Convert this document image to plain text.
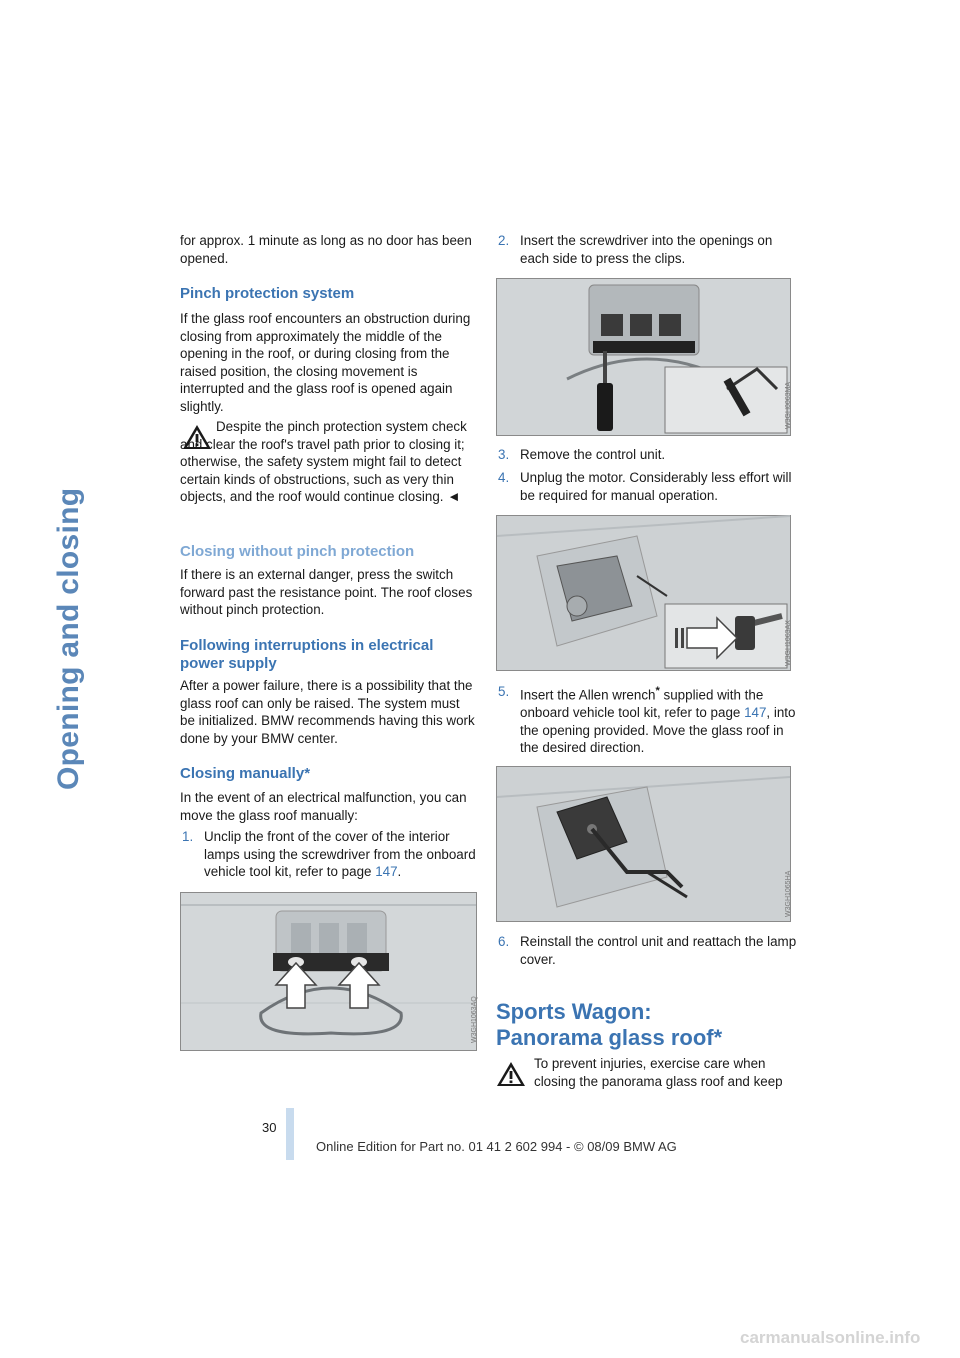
Opening and closing

for approx. 1 minute as long as no door has been opened.

Pinch protection system

If the glass roof encounters an obstruction during closing from approximately the middle of the opening in the roof, or during closing from the raised position, the closing movement is interrupted and the glass roof is opened again slightly.

Despite the pinch protection system check and clear the roof's travel path prior to closing it; otherwise, the safety system might fail to detect certain kinds of obstructions, such as very thin objects, and the roof would continue closing. ◄

Closing without pinch protection

If there is an external danger, press the switch forward past the resistance point. The roof closes without pinch protection.

Following interruptions in electrical power supply

After a power failure, there is a possibility that the glass roof can only be raised. The system must be initialized. BMW recommends having this work done by your BMW center.

Closing manually*

In the event of an electrical malfunction, you can move the glass roof manually:

1. Unclip the front of the cover of the interior lamps using the screwdriver from the onboard vehicle tool kit, refer to page 147.
W3GH1063AQ
2. Insert the screwdriver into the openings on each side to press the clips.
W3GH0063MA
3. Remove the control unit.
4. Unplug the motor. Considerably less effort will be required for manual operation.
W3GH1063AX
5. Insert the Allen wrench* supplied with the onboard vehicle tool kit, refer to page 147, into the opening provided. Move the glass roof in the desired direction.
W3GH1065HA
6. Reinstall the control unit and reattach the lamp cover.
Sports Wagon:
Panorama glass roof*

To prevent injuries, exercise care when closing the panorama glass roof and keep

30
Online Edition for Part no. 01 41 2 602 994 - © 08/09 BMW AG
carmanualsonline.info
